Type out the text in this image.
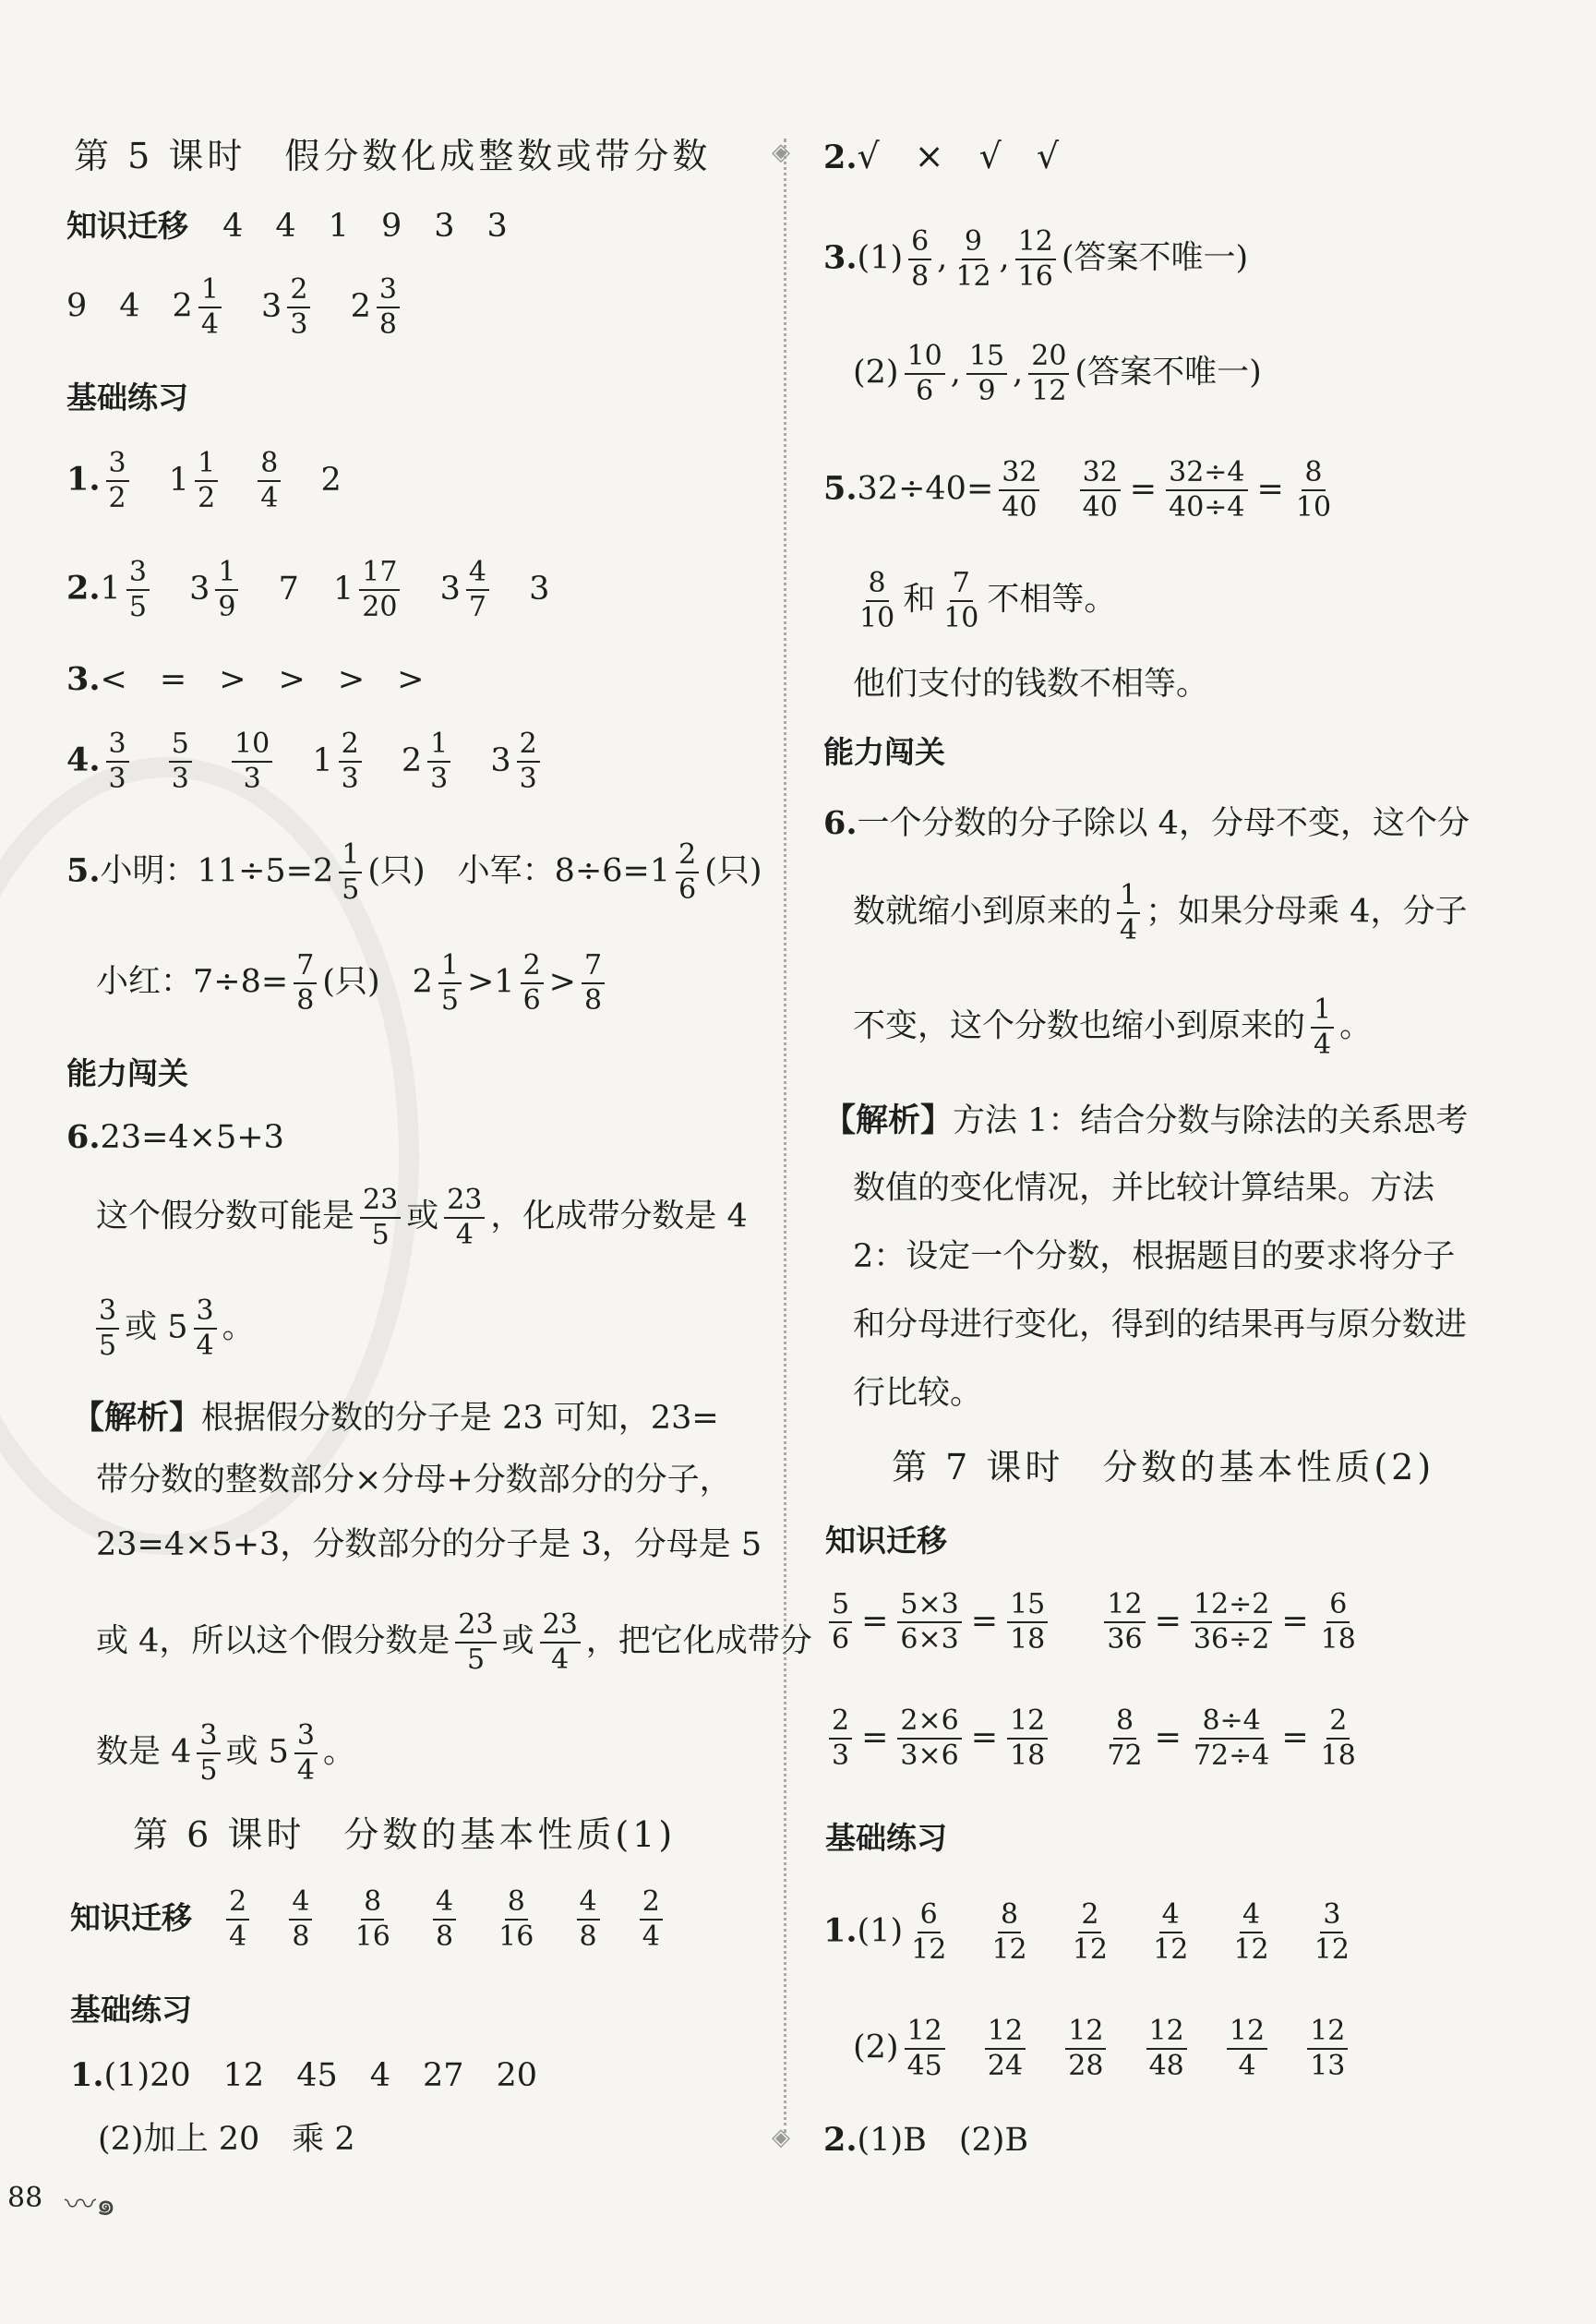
◈
◈
第 5 课时　假分数化成整数或带分数
知识迁移 4　4　1　9　3　3
9　4　$2 \frac{1}{4} 3 \frac{2}{3} 2 \frac{3}{8}$
基础练习
1. $\frac{3}{2} 1 \frac{1}{2}$
$\frac{8}{4} 2$
$2.1 \frac{3}{5} 3 \frac{1}{9} 7$ $1 \frac{17}{20} 3 \frac{4}{7} 3$
3.<　=　>　>　>　>
4. $\frac{3}{3}$
$\frac{5}{3}$
$\frac{10}{3} 1 \frac{2}{3} 2 \frac{1}{3} 3 \frac{2}{3}$
5.小明：$11\div 5=2 \frac{1}{5}$ (只)　小军：$8\div 6=1 \frac{2}{6}$ (只)
小红：$7\div 8= \frac{7}{8}$ (只)　$2 \frac{1}{5} >1 \frac{2}{6} > \frac{7}{8}$
能力闯关
6.23=4×5+3
这个假分数可能是 $\frac{23}{5}$ 或 $\frac{23}{4}$ ，化成带分数是 4
$\frac{3}{5}$ 或 $5 \frac{3}{4}$ 。
【解析】根据假分数的分子是 23 可知，23=
带分数的整数部分×分母+分数部分的分子，
23=4×5+3，分数部分的分子是 3，分母是 5
或 4，所以这个假分数是 $\frac{23}{5}$ 或 $\frac{23}{4}$ ，把它化成带分
数是 $4 \frac{3}{5}$ 或 $5 \frac{3}{4}$ 。
第 6 课时　分数的基本性质(1)
知识迁移 $\frac{2}{4}$
$\frac{4}{8}$
$\frac{8}{16}$
$\frac{4}{8}$
$\frac{8}{16}$
$\frac{4}{8}$
$\frac{2}{4}$
基础练习
1.(1)20　12　45　4　27　20
(2)加上 20　乘 2
88 〰๑
2.√　×　√　√
$3.(1) \frac{6}{8}$ , $\frac{9}{12}$ , $\frac{12}{16}$ (答案不唯一)
$(2) \frac{10}{6}$ , $\frac{15}{9}$ , $\frac{20}{12}$ (答案不唯一)
$5.32\div 40= \frac{32}{40}$
$\frac{32}{40} = \frac{32\div 4}{40\div 4} = \frac{8}{10}$
$\frac{8}{10}$ 和 $\frac{7}{10}$ 不相等。
他们支付的钱数不相等。
能力闯关
6.一个分数的分子除以 4，分母不变，这个分
数就缩小到原来的 $\frac{1}{4}$ ；如果分母乘 4，分子
不变，这个分数也缩小到原来的 $\frac{1}{4}$ 。
【解析】方法 1：结合分数与除法的关系思考
数值的变化情况，并比较计算结果。方法
2：设定一个分数，根据题目的要求将分子
和分母进行变化，得到的结果再与原分数进
行比较。
第 7 课时　分数的基本性质(2)
知识迁移
$\frac{5}{6} = \frac{5\times 3}{6\times 3} = \frac{15}{18}$
$\frac{12}{36} = \frac{12\div 2}{36\div 2} = \frac{6}{18}$
$\frac{2}{3} = \frac{2\times 6}{3\times 6} = \frac{12}{18}$
$\frac{8}{72} = \frac{8\div 4}{72\div 4} = \frac{2}{18}$
基础练习
$1.(1) \frac{6}{12}$
$\frac{8}{12}$
$\frac{2}{12}$
$\frac{4}{12}$
$\frac{4}{12}$
$\frac{3}{12}$
$(2) \frac{12}{45}$
$\frac{12}{24}$
$\frac{12}{28}$
$\frac{12}{48}$
$\frac{12}{4}$
$\frac{12}{13}$
2.(1)B　(2)B
